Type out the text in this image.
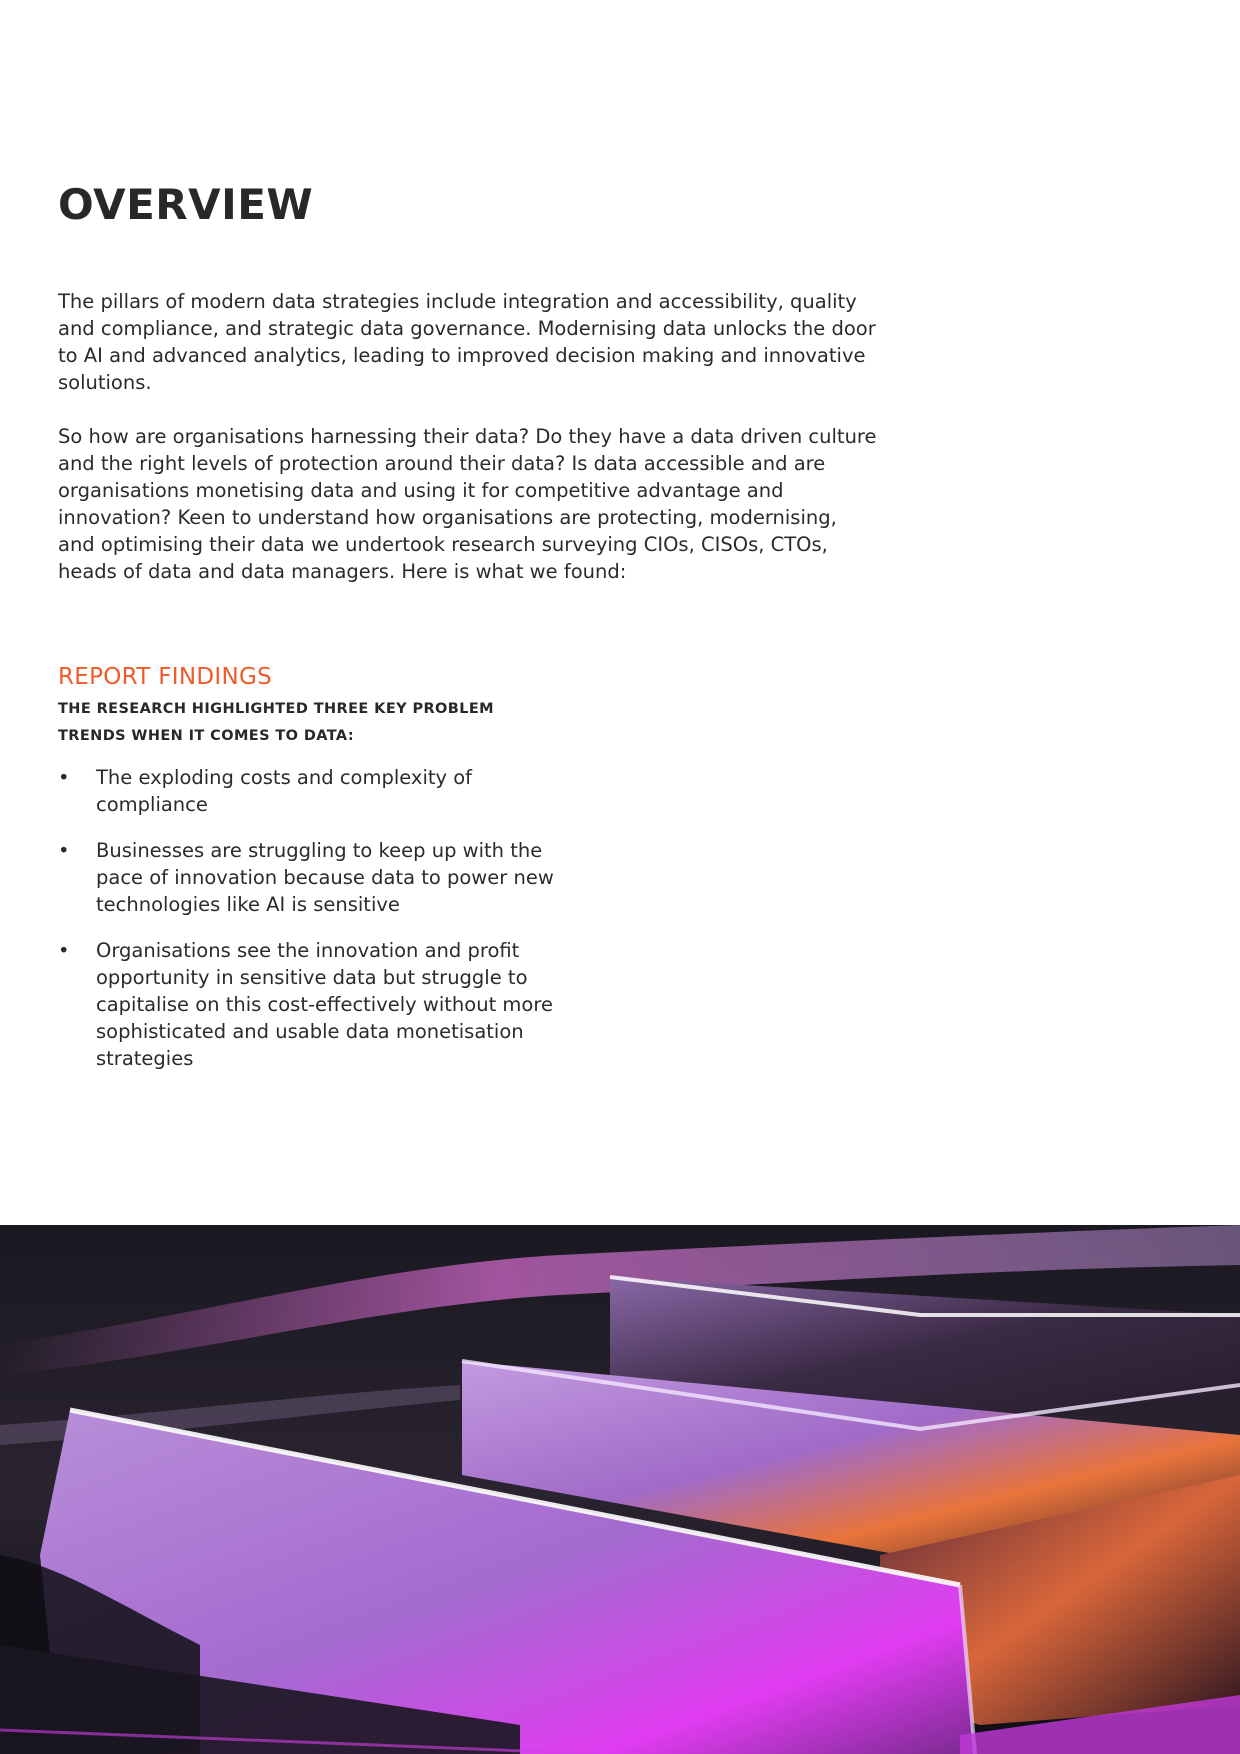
OVERVIEW

The pillars of modern data strategies include integration and accessibility, quality and compliance, and strategic data governance. Modernising data unlocks the door to AI and advanced analytics, leading to improved decision making and innovative solutions.

So how are organisations harnessing their data? Do they have a data driven culture and the right levels of protection around their data? Is data accessible and are organisations monetising data and using it for competitive advantage and innovation? Keen to understand how organisations are protecting, modernising, and optimising their data we undertook research surveying CIOs, CISOs, CTOs, heads of data and data managers. Here is what we found:

REPORT FINDINGS

THE RESEARCH HIGHLIGHTED THREE KEY PROBLEM TRENDS WHEN IT COMES TO DATA:

•	The exploding costs and complexity of compliance
•	Businesses are struggling to keep up with the pace of innovation because data to power new technologies like AI is sensitive
•	Organisations see the innovation and profit opportunity in sensitive data but struggle to capitalise on this cost-effectively without more sophisticated and usable data monetisation strategies
